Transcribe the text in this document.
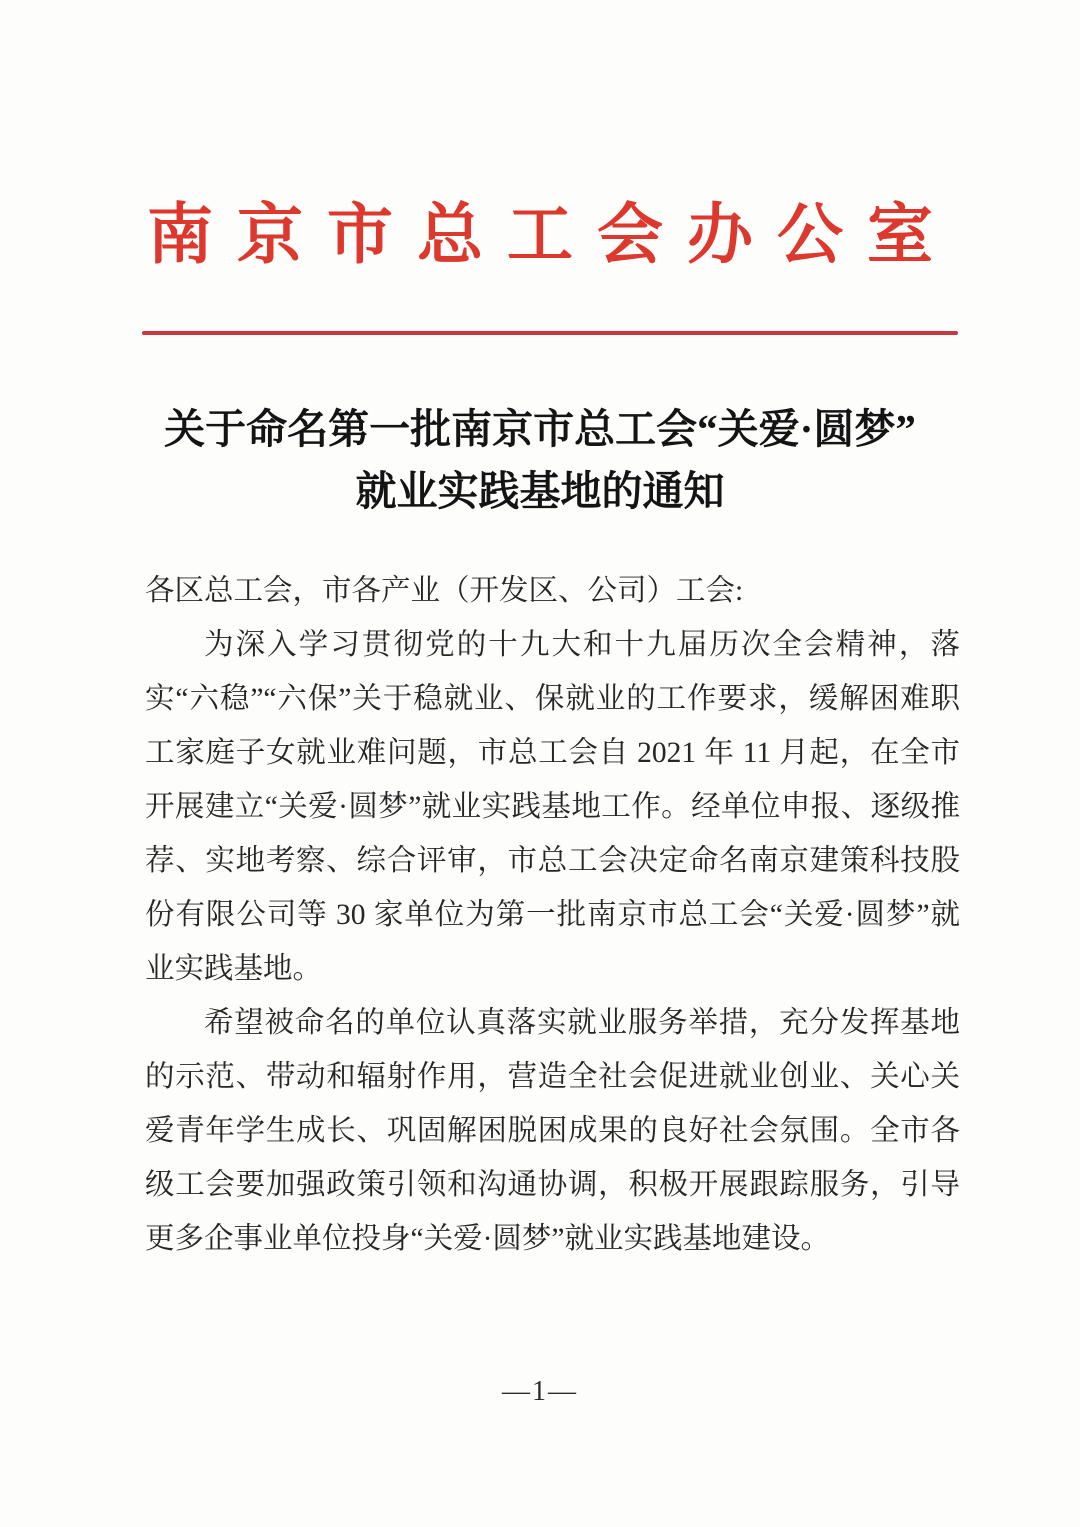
南京市总工会办公室
关于命名第一批南京市总工会“关爱·圆梦”
就业实践基地的通知

各区总工会，市各产业（开发区、公司）工会:

为深入学习贯彻党的十九大和十九届历次全会精神，落实“六稳”“六保”关于稳就业、保就业的工作要求，缓解困难职工家庭子女就业难问题，市总工会自 2021 年 11 月起，在全市开展建立“关爱·圆梦”就业实践基地工作。经单位申报、逐级推荐、实地考察、综合评审，市总工会决定命名南京建策科技股份有限公司等 30 家单位为第一批南京市总工会“关爱·圆梦”就业实践基地。

希望被命名的单位认真落实就业服务举措，充分发挥基地的示范、带动和辐射作用，营造全社会促进就业创业、关心关爱青年学生成长、巩固解困脱困成果的良好社会氛围。全市各级工会要加强政策引领和沟通协调，积极开展跟踪服务，引导更多企事业单位投身“关爱·圆梦”就业实践基地建设。

—1—
